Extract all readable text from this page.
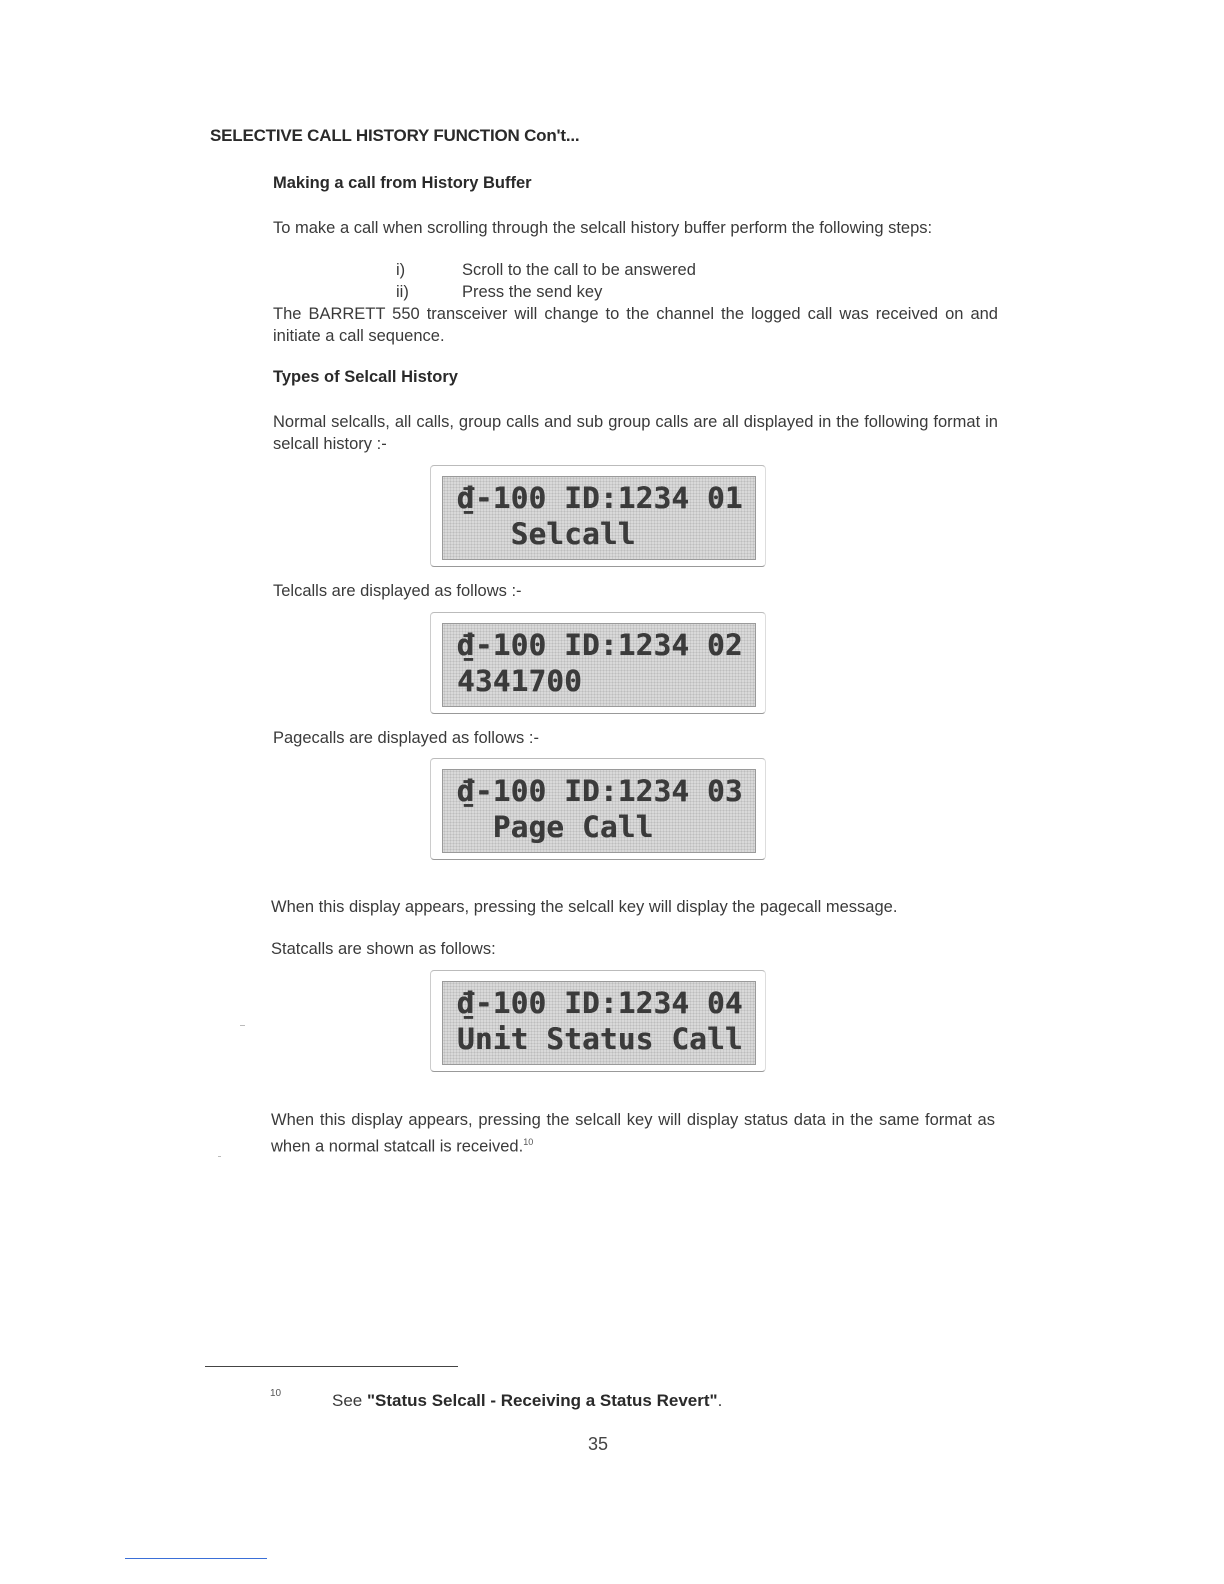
SELECTIVE CALL HISTORY FUNCTION Con't...
Making a call from History Buffer
To make a call when scrolling through the selcall history buffer perform the following steps:
i)	Scroll to the call to be answered
ii)	Press the send key
The BARRETT 550 transceiver will change to the channel the logged call was received on and initiate a call sequence.
Types of Selcall History
Normal selcalls, all calls, group calls and sub group calls are all displayed in the following format in selcall history :-
₫-100 ID:1234 01
Selcall
Telcalls are displayed as follows :-
₫-100 ID:1234 02
4341700
Pagecalls are displayed as follows :-
₫-100 ID:1234 03
Page Call
When this display appears, pressing the selcall key will display the pagecall message.
Statcalls are shown as follows:
₫-100 ID:1234 04
Unit Status Call
When this display appears, pressing the selcall key will display status data in the same format as when a normal statcall is received.$^{10}$
10	See "Status Selcall - Receiving a Status Revert".
35
